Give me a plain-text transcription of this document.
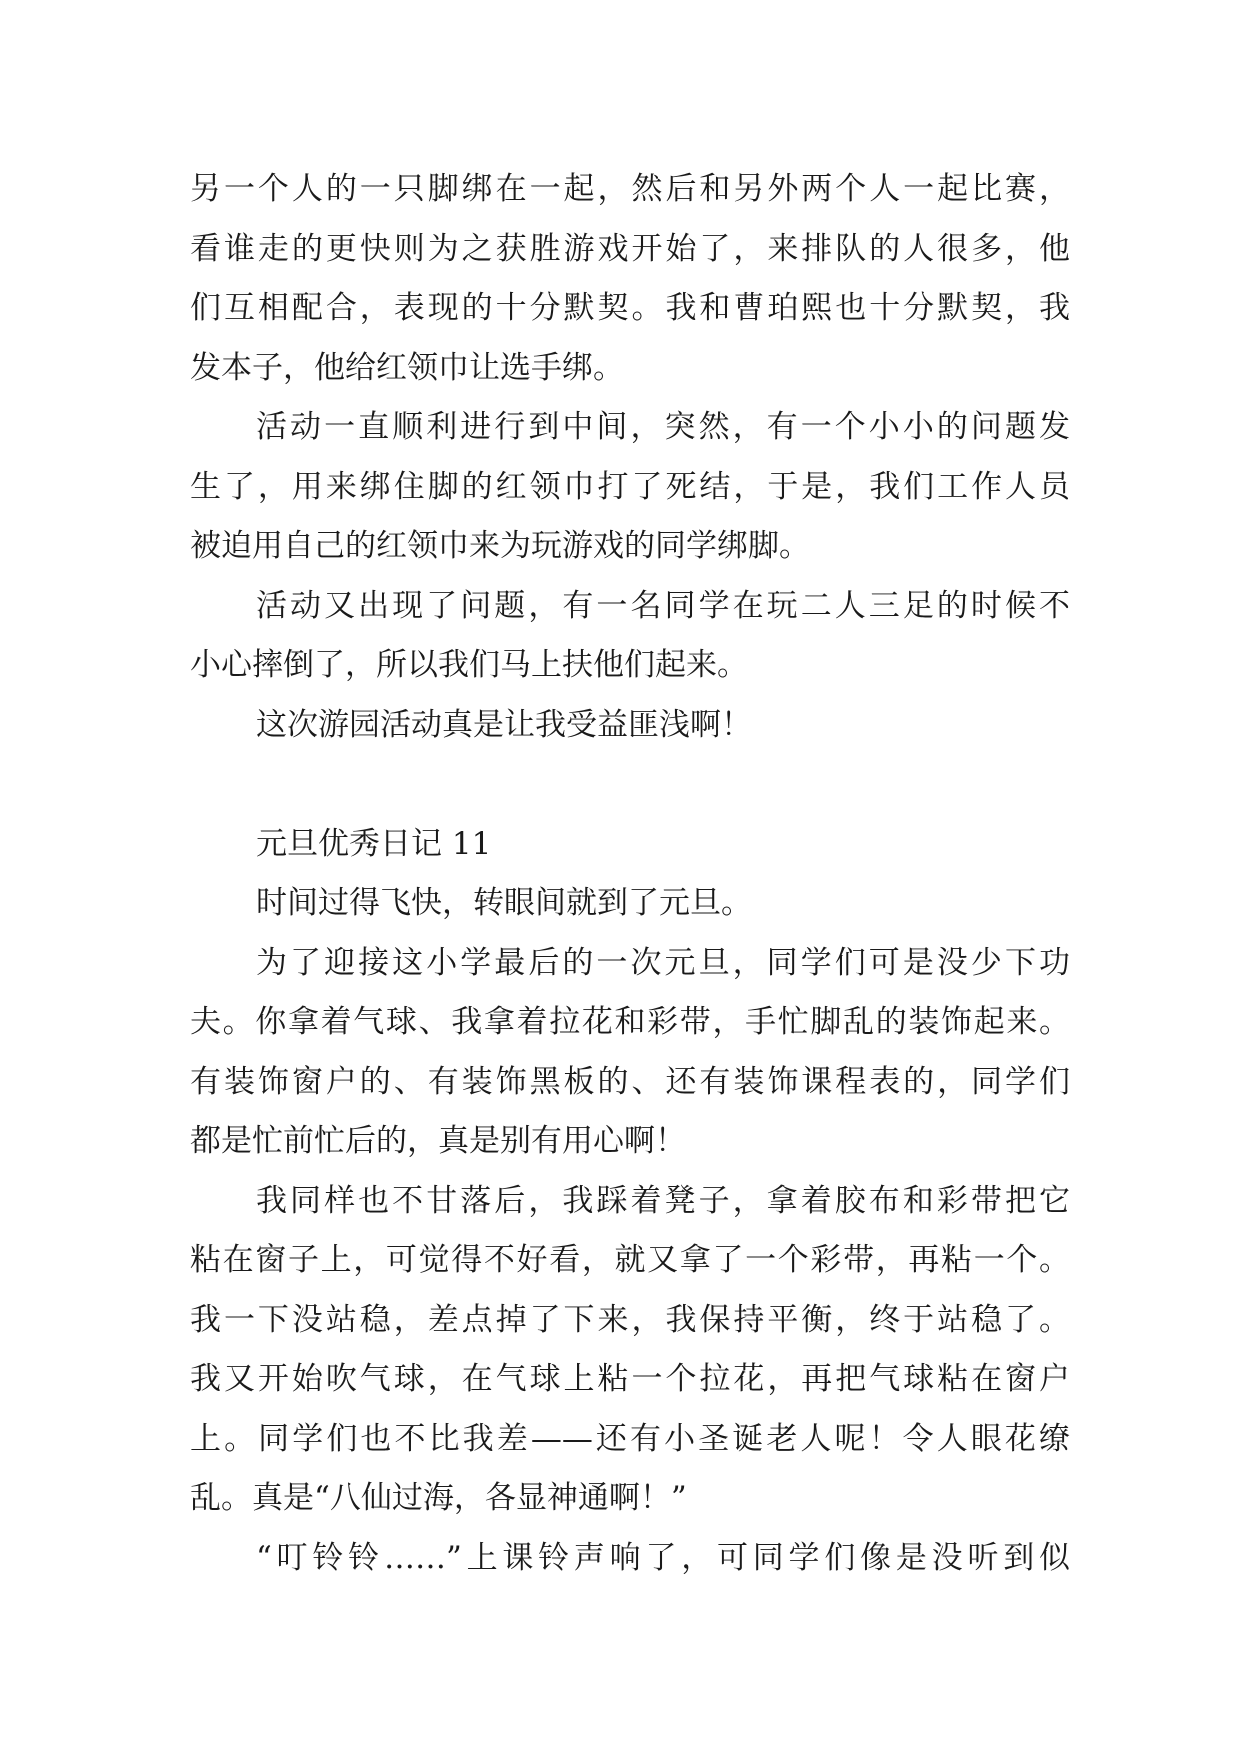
另一个人的一只脚绑在一起，然后和另外两个人一起比赛，
看谁走的更快则为之获胜游戏开始了，来排队的人很多，他
们互相配合，表现的十分默契。我和曹珀熙也十分默契，我
发本子，他给红领巾让选手绑。
活动一直顺利进行到中间，突然，有一个小小的问题发
生了，用来绑住脚的红领巾打了死结，于是，我们工作人员
被迫用自己的红领巾来为玩游戏的同学绑脚。
活动又出现了问题，有一名同学在玩二人三足的时候不
小心摔倒了，所以我们马上扶他们起来。
这次游园活动真是让我受益匪浅啊！
元旦优秀日记 11
时间过得飞快，转眼间就到了元旦。
为了迎接这小学最后的一次元旦，同学们可是没少下功
夫。你拿着气球、我拿着拉花和彩带，手忙脚乱的装饰起来。
有装饰窗户的、有装饰黑板的、还有装饰课程表的，同学们
都是忙前忙后的，真是别有用心啊！
我同样也不甘落后，我踩着凳子，拿着胶布和彩带把它
粘在窗子上，可觉得不好看，就又拿了一个彩带，再粘一个。
我一下没站稳，差点掉了下来，我保持平衡，终于站稳了。
我又开始吹气球，在气球上粘一个拉花，再把气球粘在窗户
上。同学们也不比我差——还有小圣诞老人呢！令人眼花缭
乱。真是“八仙过海，各显神通啊！”
“叮铃铃……”上课铃声响了，可同学们像是没听到似
